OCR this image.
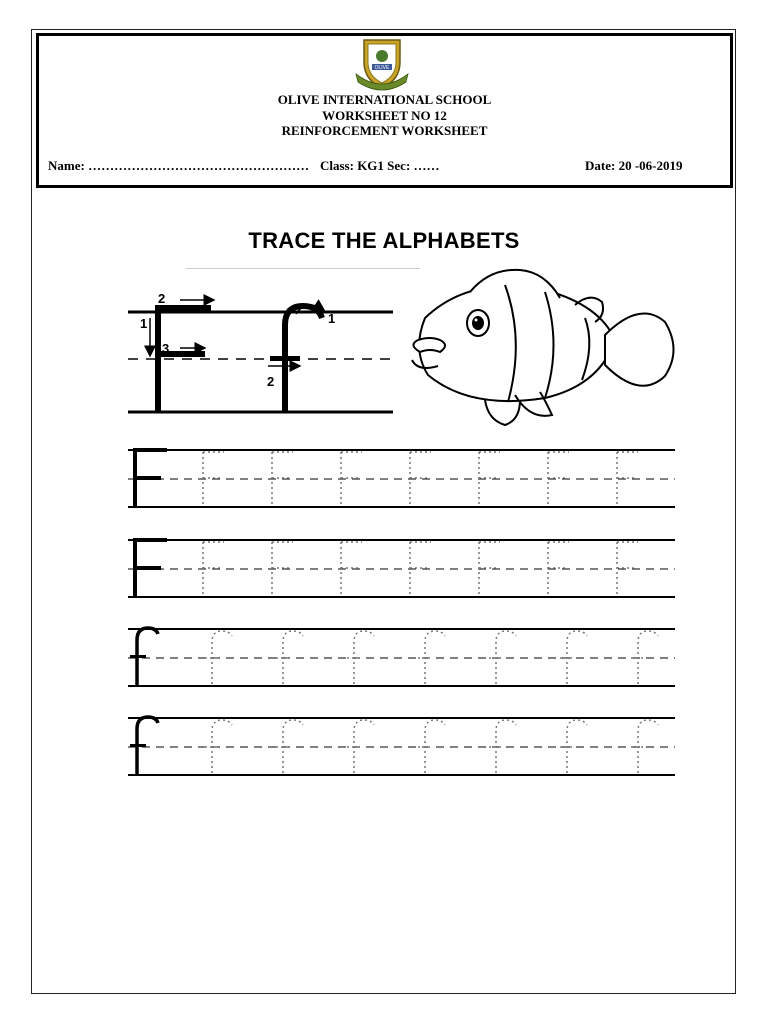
OLIVE
OLIVE INTERNATIONAL SCHOOL
WORKSHEET NO 12
REINFORCEMENT WORKSHEET
Name: …………………………………………… Class: KG1 Sec: ……	Date: 20 -06-2019
TRACE THE ALPHABETS
2
1
3
1
2
